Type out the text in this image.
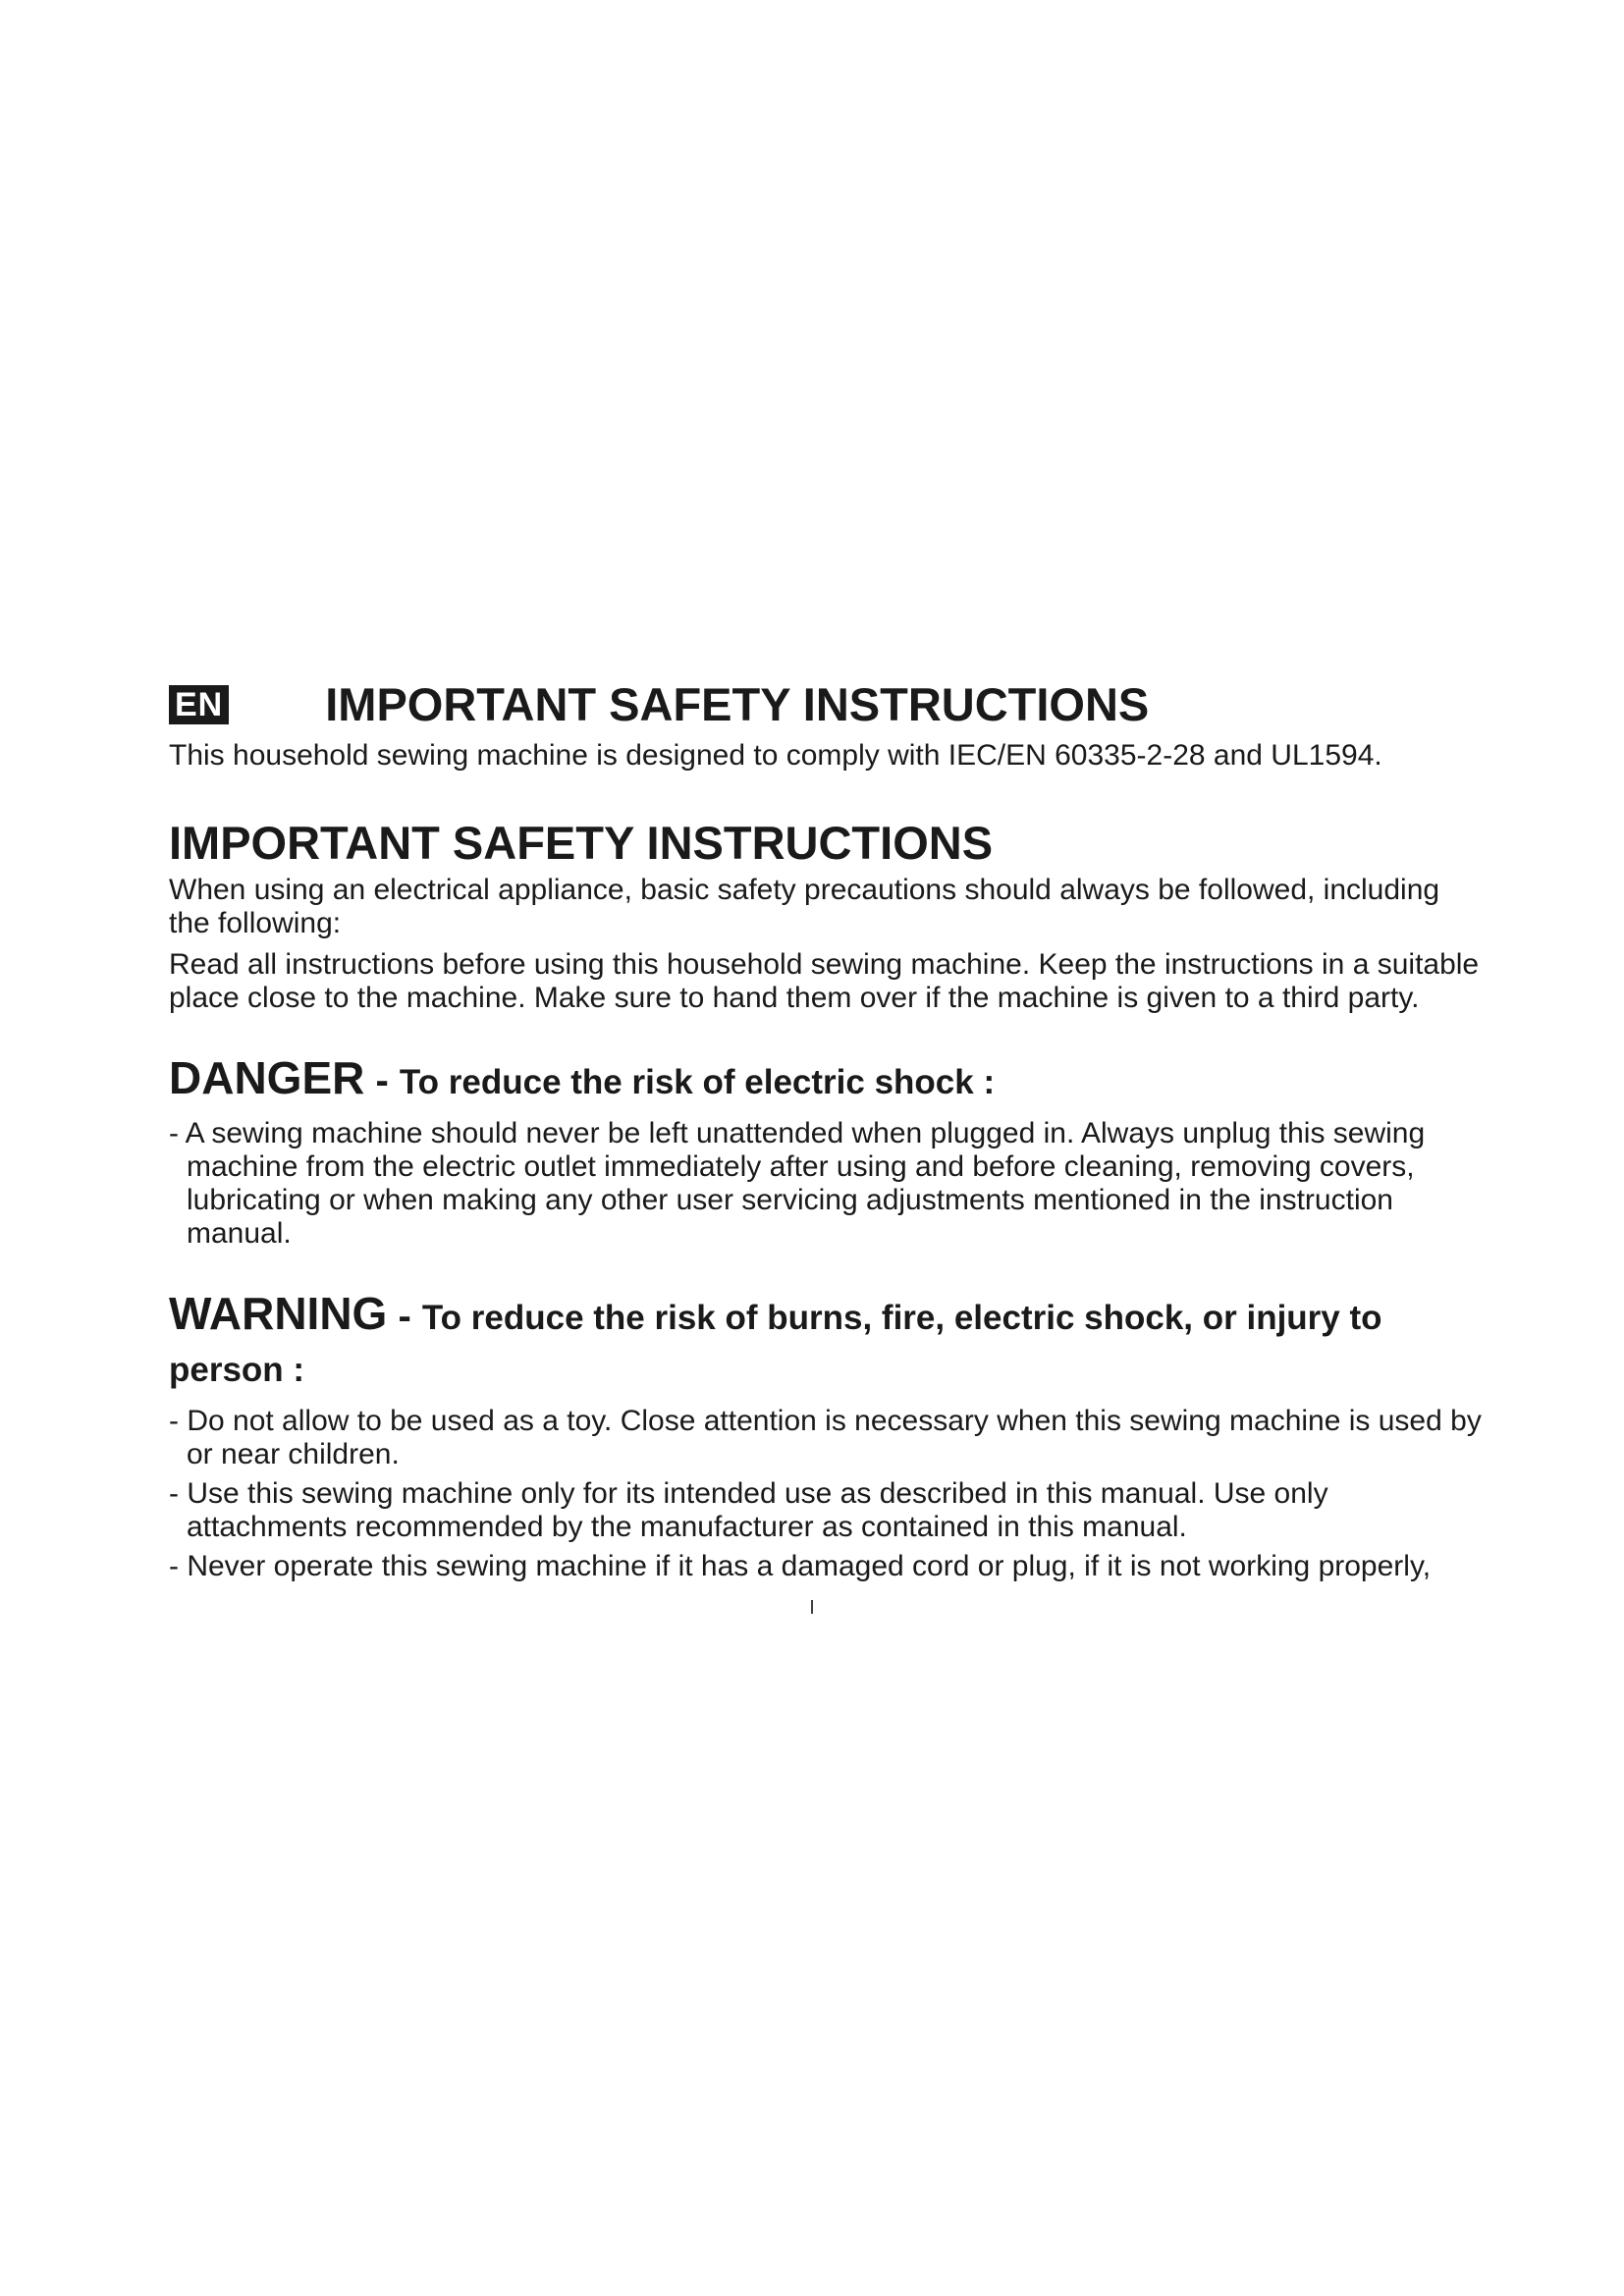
EN IMPORTANT SAFETY INSTRUCTIONS

This household sewing machine is designed to comply with IEC/EN 60335-2-28 and UL1594.

IMPORTANT SAFETY INSTRUCTIONS

When using an electrical appliance, basic safety precautions should always be followed, including the following:

Read all instructions before using this household sewing machine. Keep the instructions in a suitable place close to the machine. Make sure to hand them over if the machine is given to a third party.

DANGER - To reduce the risk of electric shock :
- A sewing machine should never be left unattended when plugged in. Always unplug this sewing machine from the electric outlet immediately after using and before cleaning, removing covers, lubricating or when making any other user servicing adjustments mentioned in the instruction manual.
WARNING - To reduce the risk of burns, fire, electric shock, or injury to person :
- Do not allow to be used as a toy. Close attention is necessary when this sewing machine is used by or near children.
- Use this sewing machine only for its intended use as described in this manual. Use only attachments recommended by the manufacturer as contained in this manual.
- Never operate this sewing machine if it has a damaged cord or plug, if it is not working properly,
I
